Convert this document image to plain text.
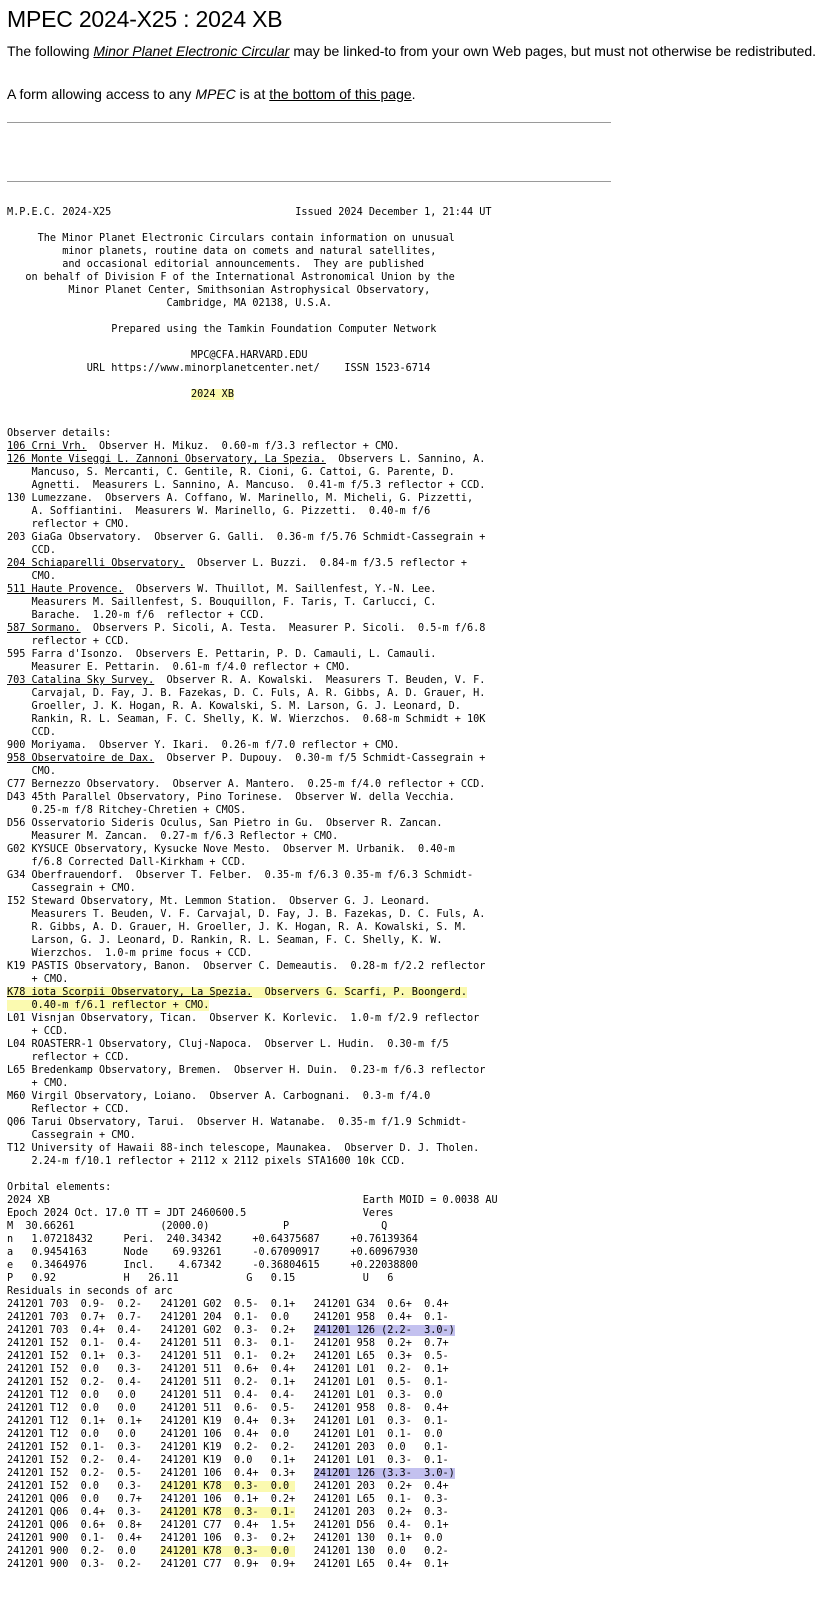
MPEC 2024-X25 : 2024 XB

The following Minor Planet Electronic Circular may be linked-to from your own Web pages, but must not otherwise be redistributed.

A form allowing access to any MPEC is at the bottom of this page.

M.P.E.C. 2024-X25                              Issued 2024 December 1, 21:44 UT
The Minor Planet Electronic Circulars contain information on unusual
minor planets, routine data on comets and natural satellites,
and occasional editorial announcements.  They are published
on behalf of Division F of the International Astronomical Union by the
Minor Planet Center, Smithsonian Astrophysical Observatory,
Cambridge, MA 02138, U.S.A.
Prepared using the Tamkin Foundation Computer Network
MPC@CFA.HARVARD.EDU
URL https://www.minorplanetcenter.net/    ISSN 1523-6714
2024 XB
Observer details:
106 Crni Vrh.  Observer H. Mikuz.  0.60-m f/3.3 reflector + CMO.
126 Monte Viseggi L. Zannoni Observatory, La Spezia.  Observers L. Sannino, A.
Mancuso, S. Mercanti, C. Gentile, R. Cioni, G. Cattoi, G. Parente, D.
Agnetti.  Measurers L. Sannino, A. Mancuso.  0.41-m f/5.3 reflector + CCD.
130 Lumezzane.  Observers A. Coffano, W. Marinello, M. Micheli, G. Pizzetti,
A. Soffiantini.  Measurers W. Marinello, G. Pizzetti.  0.40-m f/6
reflector + CMO.
203 GiaGa Observatory.  Observer G. Galli.  0.36-m f/5.76 Schmidt-Cassegrain +
CCD.
204 Schiaparelli Observatory.  Observer L. Buzzi.  0.84-m f/3.5 reflector +
CMO.
511 Haute Provence.  Observers W. Thuillot, M. Saillenfest, Y.-N. Lee.
Measurers M. Saillenfest, S. Bouquillon, F. Taris, T. Carlucci, C.
Barache.  1.20-m f/6  reflector + CCD.
587 Sormano.  Observers P. Sicoli, A. Testa.  Measurer P. Sicoli.  0.5-m f/6.8
reflector + CCD.
595 Farra d'Isonzo.  Observers E. Pettarin, P. D. Camauli, L. Camauli.
Measurer E. Pettarin.  0.61-m f/4.0 reflector + CMO.
703 Catalina Sky Survey.  Observer R. A. Kowalski.  Measurers T. Beuden, V. F.
Carvajal, D. Fay, J. B. Fazekas, D. C. Fuls, A. R. Gibbs, A. D. Grauer, H.
Groeller, J. K. Hogan, R. A. Kowalski, S. M. Larson, G. J. Leonard, D.
Rankin, R. L. Seaman, F. C. Shelly, K. W. Wierzchos.  0.68-m Schmidt + 10K
CCD.
900 Moriyama.  Observer Y. Ikari.  0.26-m f/7.0 reflector + CMO.
958 Observatoire de Dax.  Observer P. Dupouy.  0.30-m f/5 Schmidt-Cassegrain +
CMO.
C77 Bernezzo Observatory.  Observer A. Mantero.  0.25-m f/4.0 reflector + CCD.
D43 45th Parallel Observatory, Pino Torinese.  Observer W. della Vecchia.
0.25-m f/8 Ritchey-Chretien + CMOS.
D56 Osservatorio Sideris Oculus, San Pietro in Gu.  Observer R. Zancan.
Measurer M. Zancan.  0.27-m f/6.3 Reflector + CMO.
G02 KYSUCE Observatory, Kysucke Nove Mesto.  Observer M. Urbanik.  0.40-m
f/6.8 Corrected Dall-Kirkham + CCD.
G34 Oberfrauendorf.  Observer T. Felber.  0.35-m f/6.3 0.35-m f/6.3 Schmidt-
Cassegrain + CMO.
I52 Steward Observatory, Mt. Lemmon Station.  Observer G. J. Leonard.
Measurers T. Beuden, V. F. Carvajal, D. Fay, J. B. Fazekas, D. C. Fuls, A.
R. Gibbs, A. D. Grauer, H. Groeller, J. K. Hogan, R. A. Kowalski, S. M.
Larson, G. J. Leonard, D. Rankin, R. L. Seaman, F. C. Shelly, K. W.
Wierzchos.  1.0-m prime focus + CCD.
K19 PASTIS Observatory, Banon.  Observer C. Demeautis.  0.28-m f/2.2 reflector
+ CMO.
K78 iota Scorpii Observatory, La Spezia.  Observers G. Scarfi, P. Boongerd.
0.40-m f/6.1 reflector + CMO.
L01 Visnjan Observatory, Tican.  Observer K. Korlevic.  1.0-m f/2.9 reflector
+ CCD.
L04 ROASTERR-1 Observatory, Cluj-Napoca.  Observer L. Hudin.  0.30-m f/5
reflector + CCD.
L65 Bredenkamp Observatory, Bremen.  Observer H. Duin.  0.23-m f/6.3 reflector
+ CMO.
M60 Virgil Observatory, Loiano.  Observer A. Carbognani.  0.3-m f/4.0
Reflector + CCD.
Q06 Tarui Observatory, Tarui.  Observer H. Watanabe.  0.35-m f/1.9 Schmidt-
Cassegrain + CMO.
T12 University of Hawaii 88-inch telescope, Maunakea.  Observer D. J. Tholen.
2.24-m f/10.1 reflector + 2112 x 2112 pixels STA1600 10k CCD.
Orbital elements:
2024 XB                                                   Earth MOID = 0.0038 AU
Epoch 2024 Oct. 17.0 TT = JDT 2460600.5                   Veres
M  30.66261              (2000.0)            P               Q
n   1.07218432     Peri.  240.34342     +0.64375687     +0.76139364
a   0.9454163      Node    69.93261     -0.67090917     +0.60967930
e   0.3464976      Incl.    4.67342     -0.36804615     +0.22038800
P   0.92           H   26.11           G   0.15           U   6
Residuals in seconds of arc
241201 703  0.9-  0.2- 241201 G02  0.5-  0.1+ 241201 G34  0.6+  0.4+
241201 703  0.7+  0.7- 241201 204  0.1-  0.0    241201 958  0.4+  0.1-
241201 703  0.4+  0.4- 241201 G02  0.3-  0.2+ 241201 126 (2.2-  3.0-)
241201 I52  0.1-  0.4- 241201 511  0.3-  0.1- 241201 958  0.2+  0.7+
241201 I52  0.1+  0.3- 241201 511  0.1-  0.2+ 241201 L65  0.3+  0.5-
241201 I52  0.0   0.3- 241201 511  0.6+  0.4+ 241201 L01  0.2-  0.1+
241201 I52  0.2-  0.4- 241201 511  0.2-  0.1+ 241201 L01  0.5-  0.1-
241201 T12  0.0   0.0    241201 511  0.4-  0.4- 241201 L01  0.3-  0.0
241201 T12  0.0   0.0    241201 511  0.6-  0.5- 241201 958  0.8-  0.4+
241201 T12  0.1+  0.1+ 241201 K19  0.4+  0.3+ 241201 L01  0.3-  0.1-
241201 T12  0.0   0.0    241201 106  0.4+  0.0    241201 L01  0.1-  0.0
241201 I52  0.1-  0.3- 241201 K19  0.2-  0.2- 241201 203  0.0   0.1-
241201 I52  0.2-  0.4- 241201 K19  0.0   0.1+ 241201 L01  0.3-  0.1-
241201 I52  0.2-  0.5- 241201 106  0.4+  0.3+ 241201 126 (3.3-  3.0-)
241201 I52  0.0   0.3- 241201 K78  0.3-  0.0    241201 203  0.2+  0.4+
241201 Q06  0.0   0.7+ 241201 106  0.1+  0.2+ 241201 L65  0.1-  0.3-
241201 Q06  0.4+  0.3- 241201 K78  0.3-  0.1- 241201 203  0.2+  0.3-
241201 Q06  0.6+  0.8+ 241201 C77  0.4+  1.5+ 241201 D56  0.4-  0.1+
241201 900  0.1-  0.4+ 241201 106  0.3-  0.2+ 241201 130  0.1+  0.0
241201 900  0.2-  0.0    241201 K78  0.3-  0.0    241201 130  0.0   0.2-
241201 900  0.3-  0.2- 241201 C77  0.9+  0.9+ 241201 L65  0.4+  0.1+
